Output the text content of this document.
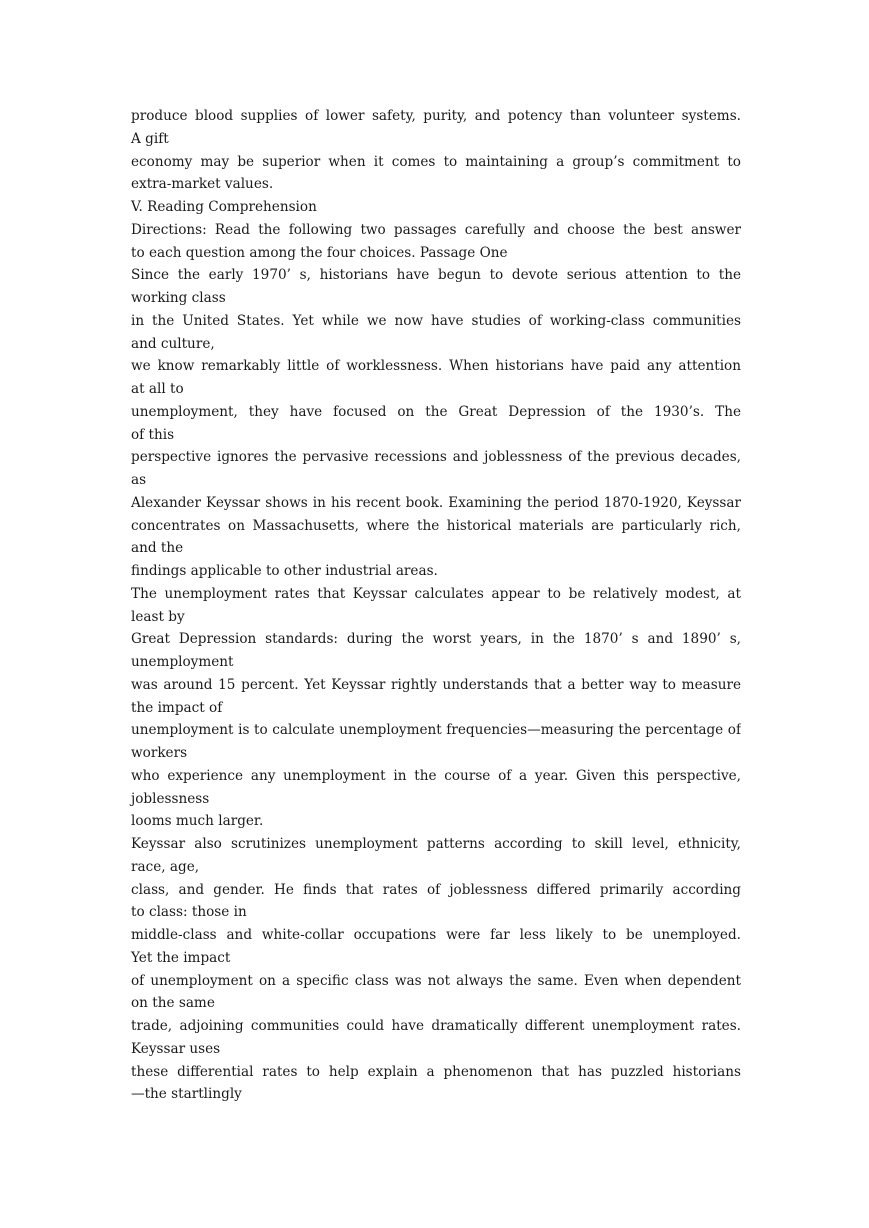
produce blood supplies of lower safety, purity, and potency than volunteer systems.
A gift
economy may be superior when it comes to maintaining a group’s commitment to
extra-market values.
V. Reading Comprehension
Directions: Read the following two passages carefully and choose the best answer
to each question among the four choices. Passage One
Since the early 1970’ s, historians have begun to devote serious attention to the
working class
in the United States. Yet while we now have studies of working-class communities
and culture,
we know remarkably little of worklessness. When historians have paid any attention
at all to
unemployment, they have focused on the Great Depression of the 1930’s. The
of this
perspective ignores the pervasive recessions and joblessness of the previous decades,
as
Alexander Keyssar shows in his recent book. Examining the period 1870-1920, Keyssar
concentrates on Massachusetts, where the historical materials are particularly rich,
and the
findings applicable to other industrial areas.
The unemployment rates that Keyssar calculates appear to be relatively modest, at
least by
Great Depression standards: during the worst years, in the 1870’ s and 1890’ s,
unemployment
was around 15 percent. Yet Keyssar rightly understands that a better way to measure
the impact of
unemployment is to calculate unemployment frequencies—measuring the percentage of
workers
who experience any unemployment in the course of a year. Given this perspective,
joblessness
looms much larger.
Keyssar also scrutinizes unemployment patterns according to skill level, ethnicity,
race, age,
class, and gender. He finds that rates of joblessness differed primarily according
to class: those in
middle-class and white-collar occupations were far less likely to be unemployed.
Yet the impact
of unemployment on a specific class was not always the same. Even when dependent
on the same
trade, adjoining communities could have dramatically different unemployment rates.
Keyssar uses
these differential rates to help explain a phenomenon that has puzzled historians
—the startlingly
